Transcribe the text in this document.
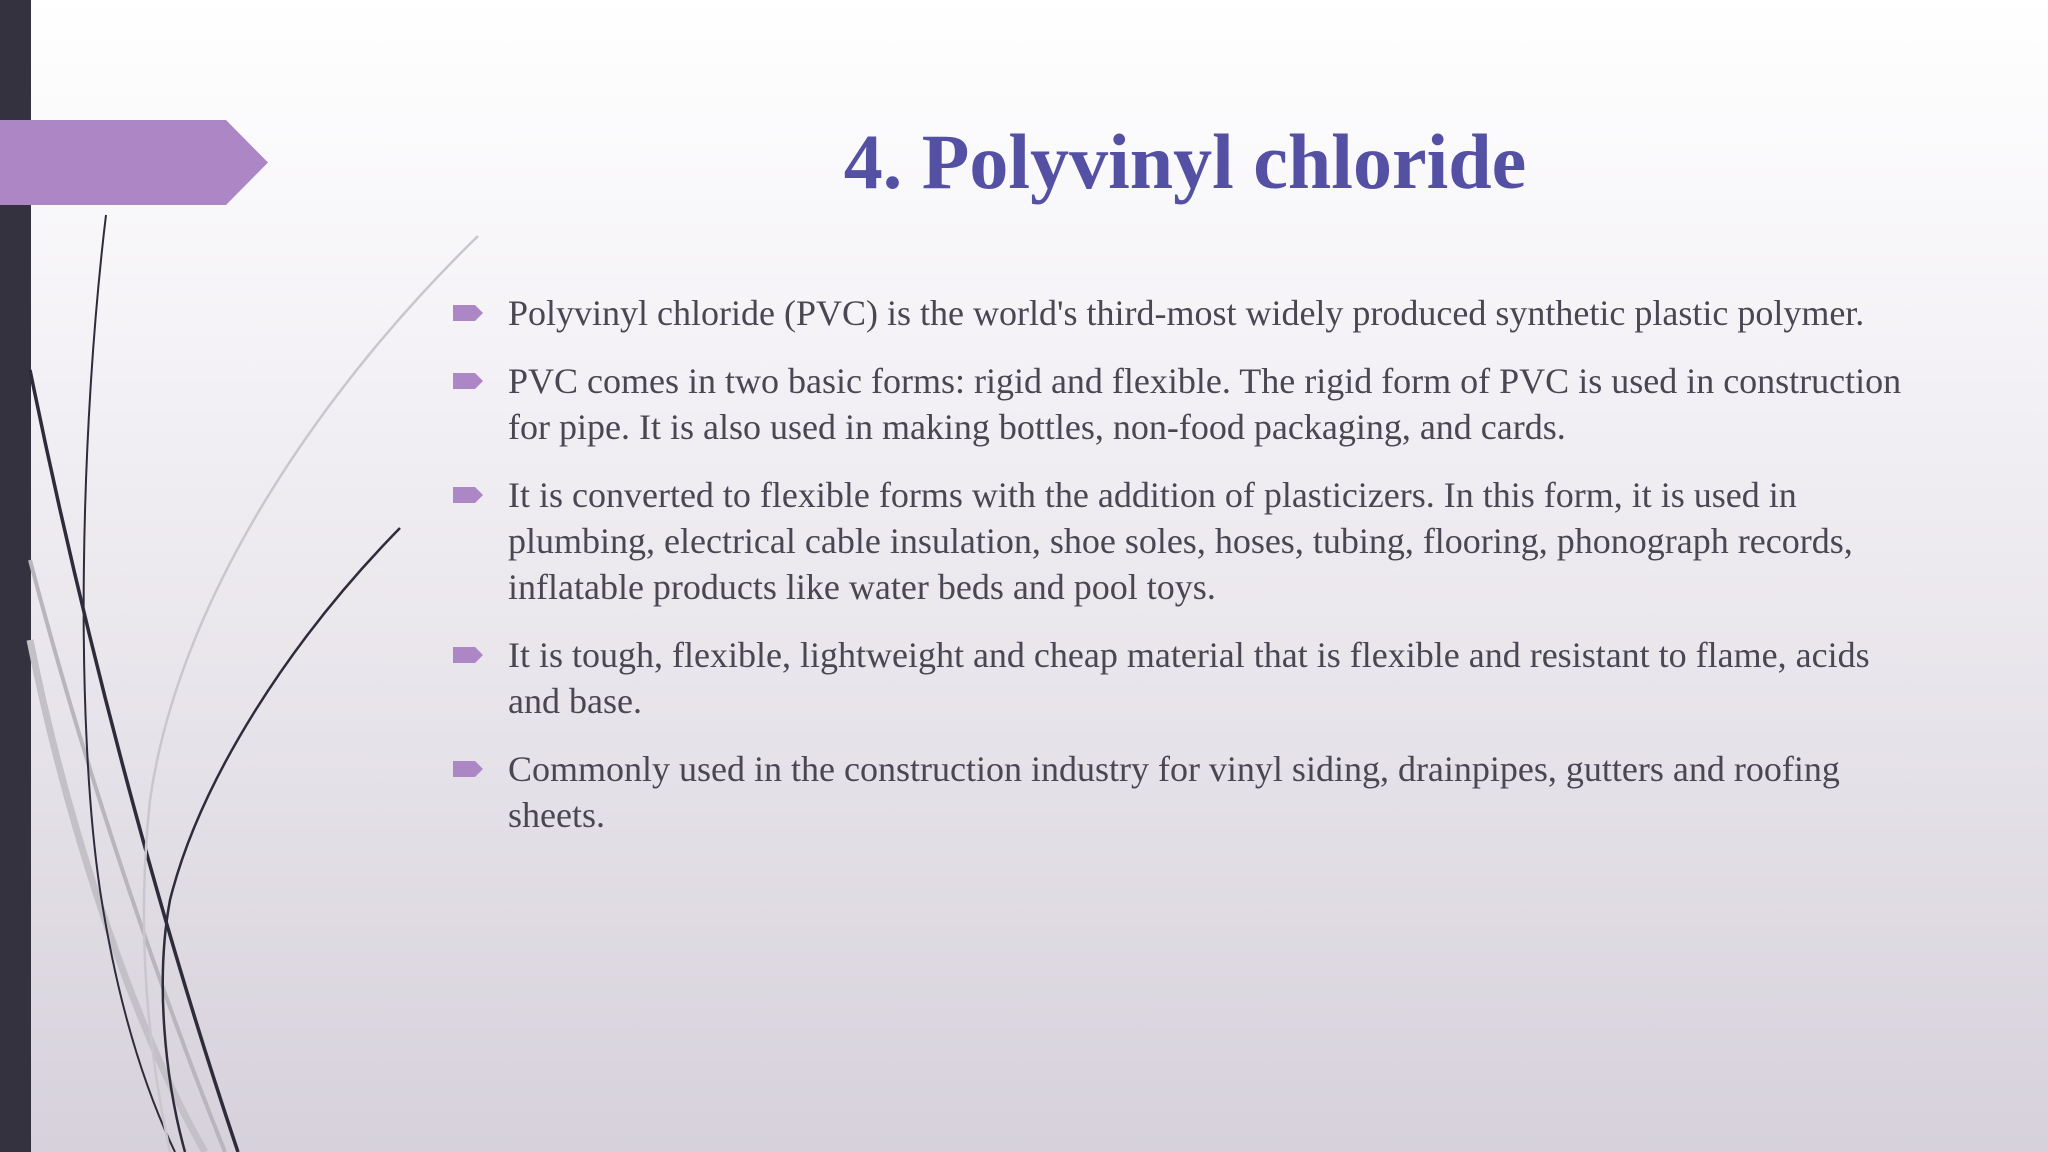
4. Polyvinyl chloride
Polyvinyl chloride (PVC) is the world's third-most widely produced synthetic plastic polymer.
PVC comes in two basic forms: rigid and flexible. The rigid form of PVC is used in construction for pipe. It is also used in making bottles, non-food packaging, and cards.
It is converted to flexible forms with the addition of plasticizers. In this form, it is used in plumbing, electrical cable insulation, shoe soles, hoses, tubing, flooring, phonograph records, inflatable products like water beds and pool toys.
It is tough, flexible, lightweight and cheap material that is flexible and resistant to flame, acids and base.
Commonly used in the construction industry for vinyl siding, drainpipes, gutters and roofing sheets.
